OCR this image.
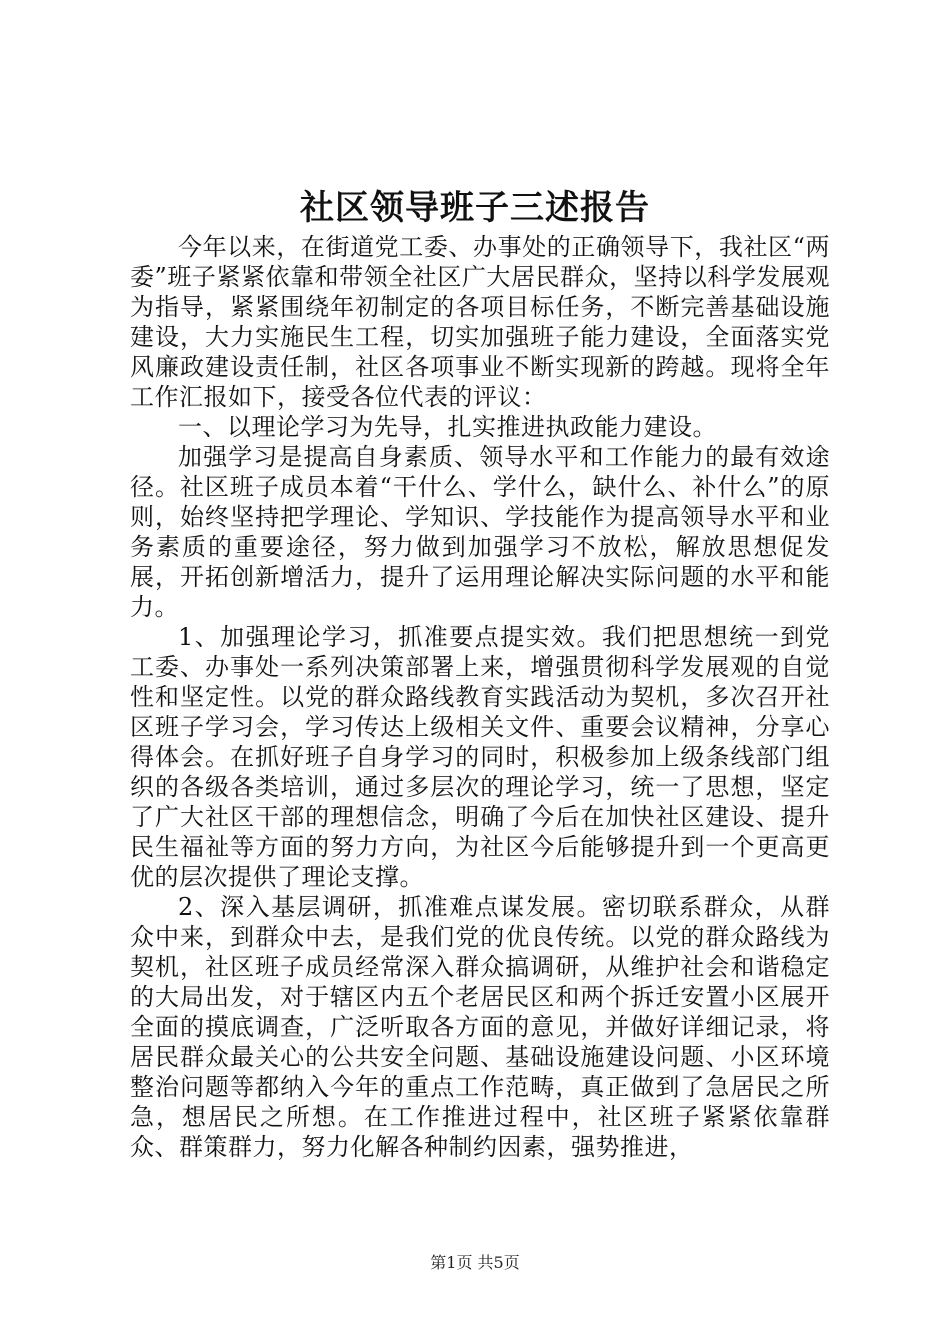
社区领导班子三述报告

今年以来，在街道党工委、办事处的正确领导下，我社区“两委”班子紧紧依靠和带领全社区广大居民群众，坚持以科学发展观为指导，紧紧围绕年初制定的各项目标任务，不断完善基础设施建设，大力实施民生工程，切实加强班子能力建设，全面落实党风廉政建设责任制，社区各项事业不断实现新的跨越。现将全年工作汇报如下，接受各位代表的评议：

一、以理论学习为先导，扎实推进执政能力建设。

加强学习是提高自身素质、领导水平和工作能力的最有效途径。社区班子成员本着“干什么、学什么，缺什么、补什么”的原则，始终坚持把学理论、学知识、学技能作为提高领导水平和业务素质的重要途径，努力做到加强学习不放松，解放思想促发展，开拓创新增活力，提升了运用理论解决实际问题的水平和能力。

1、加强理论学习，抓准要点提实效。我们把思想统一到党工委、办事处一系列决策部署上来，增强贯彻科学发展观的自觉性和坚定性。以党的群众路线教育实践活动为契机，多次召开社区班子学习会，学习传达上级相关文件、重要会议精神，分享心得体会。在抓好班子自身学习的同时，积极参加上级条线部门组织的各级各类培训，通过多层次的理论学习，统一了思想，坚定了广大社区干部的理想信念，明确了今后在加快社区建设、提升民生福祉等方面的努力方向，为社区今后能够提升到一个更高更优的层次提供了理论支撑。

2、深入基层调研，抓准难点谋发展。密切联系群众，从群众中来，到群众中去，是我们党的优良传统。以党的群众路线为契机，社区班子成员经常深入群众搞调研，从维护社会和谐稳定的大局出发，对于辖区内五个老居民区和两个拆迁安置小区展开全面的摸底调查，广泛听取各方面的意见，并做好详细记录，将居民群众最关心的公共安全问题、基础设施建设问题、小区环境整治问题等都纳入今年的重点工作范畴，真正做到了急居民之所急，想居民之所想。在工作推进过程中，社区班子紧紧依靠群众、群策群力，努力化解各种制约因素，强势推进，

第1页 共5页
